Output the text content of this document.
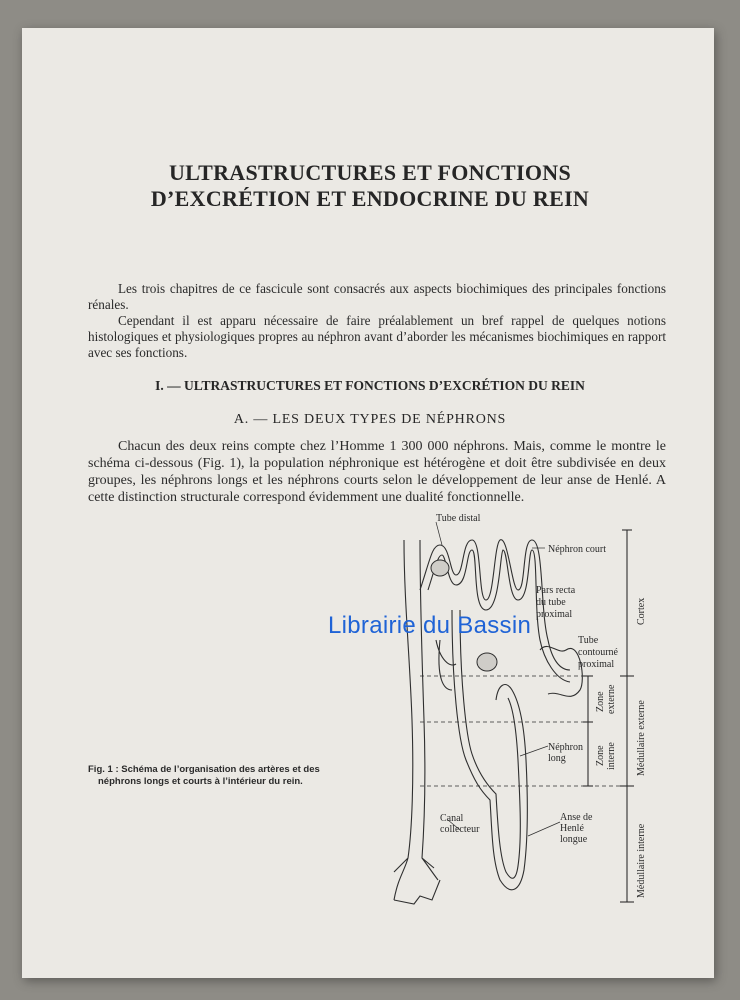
ULTRASTRUCTURES ET FONCTIONS
D’EXCRÉTION ET ENDOCRINE DU REIN

Les trois chapitres de ce fascicule sont consacrés aux aspects biochimiques des principales fonctions rénales.

Cependant il est apparu nécessaire de faire préalablement un bref rappel de quelques notions histologiques et physiologiques propres au néphron avant d’aborder les mécanismes biochimiques en rapport avec ses fonctions.

I. — ULTRASTRUCTURES ET FONCTIONS D’EXCRÉTION DU REIN
A. — LES DEUX TYPES DE NÉPHRONS

Chacun des deux reins compte chez l’Homme 1 300 000 néphrons. Mais, comme le montre le schéma ci-dessous (Fig. 1), la population néphronique est hétérogène et doit être subdivisée en deux groupes, les néphrons longs et les néphrons courts selon le développement de leur anse de Henlé. A cette distinction structurale correspond évidemment une dualité fonctionnelle.

Tube distal
Néphron court
Pars recta
du tube
proximal
Tube
contourné
proximal
Néphron
long
Canal
collecteur
Anse de
Henlé
longue
Cortex
Zone externe
Zone interne Médullaire externe
Médullaire interne
Fig. 1 : Schéma de l’organisation des artères et des
néphrons longs et courts à l’intérieur du rein.
Librairie du Bassin
